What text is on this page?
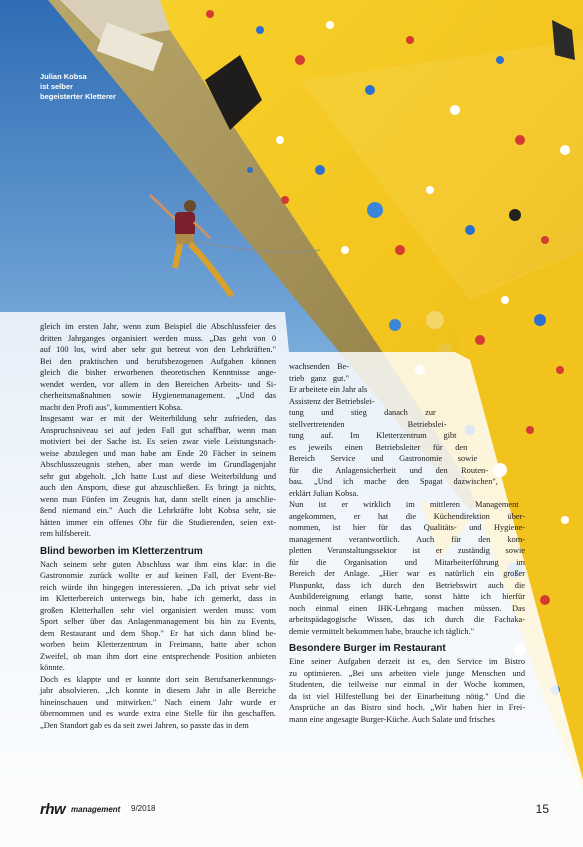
Julian Kobsa
ist selber
begeisterter Kletterer

gleich im ersten Jahr, wenn zum Beispiel die Abschlussfeier des

dritten Jahrganges organisiert werden muss. „Das geht von 0

auf 100 los, wird aber sehr gut betreut von den Lehrkräften."

Bei den praktischen und berufsbezogenen Aufgaben können

gleich die bisher erworbenen theoretischen Kenntnisse ange-

wendet werden, vor allem in den Bereichen Arbeits- und Si-

cherheitsmaßnahmen sowie Hygienemanagement. „Und das

macht den Profi aus", kommentiert Kobsa.

Insgesamt war er mit der Weiterbildung sehr zufrieden, das

Anspruchsniveau sei auf jeden Fall gut schaffbar, wenn man

motiviert bei der Sache ist. Es seien zwar viele Leistungsnach-

weise abzulegen und man habe am Ende 20 Fächer in seinem

Abschlusszeugnis stehen, aber man werde im Grundlagenjahr

sehr gut abgeholt. „Ich hatte Lust auf diese Weiterbildung und

auch den Ansporn, diese gut abzuschließen. Es bringt ja nichts,

wenn man Fünfen im Zeugnis hat, dann stellt einen ja anschlie-

ßend niemand ein." Auch die Lehrkräfte lobt Kobsa sehr, sie

hätten immer ein offenes Ohr für die Studierenden, seien ext-

rem hilfsbereit.

Blind beworben im Kletterzentrum

Nach seinem sehr guten Abschluss war ihm eins klar: in die

Gastronomie zurück wollte er auf keinen Fall, der Event-Be-

reich würde ihn hingegen interessieren. „Da ich privat sehr viel

im Kletterbereich unterwegs bin, habe ich gemerkt, dass in

großen Kletterhallen sehr viel organisiert werden muss: vom

Sport selber über das Anlagenmanagement bis hin zu Events,

dem Restaurant und dem Shop." Er hat sich dann blind be-

worben beim Kletterzentrum in Freimann, hatte aber schon

Zweifel, ob man ihm dort eine entsprechende Position anbieten

könnte.

Doch es klappte und er konnte dort sein Berufsanerkennungs-

jahr absolvieren. „Ich konnte in diesem Jahr in alle Bereiche

hineinschauen und mitwirken." Nach einem Jahr wurde er

übernommen und es wurde extra eine Stelle für ihn geschaffen.

„Den Standort gab es da seit zwei Jahren, so passte das in dem

wachsenden Be-

trieb ganz gut."

Er arbeitete ein Jahr als

Assistenz der Betriebslei-

tung und stieg danach zur

stellvertretenden Betriebslei-

tung auf. Im Kletterzentrum gibt

es jeweils einen Betriebsleiter für den

Bereich Service und Gastronomie sowie

für die Anlagensicherheit und den Routen-

bau. „Und ich mache den Spagat dazwischen",

erklärt Julian Kobsa.

Nun ist er wirklich im mittleren Management

angekommen, er hat die Küchendirektion über-

nommen, ist hier für das Qualitäts- und Hygiene-

management verantwortlich. Auch für den kom-

pletten Veranstaltungssektor ist er zuständig sowie

für die Organisation und Mitarbeiterführung im

Bereich der Anlage. „Hier war es natürlich ein großer

Pluspunkt, dass ich durch den Betriebswirt auch die

Ausbildereignung erlangt hatte, sonst hätte ich hierfür

noch einmal einen IHK-Lehrgang machen müssen. Das

arbeitspädagogische Wissen, das ich durch die Fachaka-

demie vermittelt bekommen habe, brauche ich täglich."

Besondere Burger im Restaurant

Eine seiner Aufgaben derzeit ist es, den Service im Bistro

zu optimieren. „Bei uns arbeiten viele junge Menschen und

Studenten, die teilweise nur einmal in der Woche kommen,

da ist viel Hilfestellung bei der Einarbeitung nötig." Und die

Ansprüche an das Bistro sind hoch. „Wir haben hier in Frei-

mann eine angesagte Burger-Küche. Auch Salate und frisches

rhw management 9/2018	15
